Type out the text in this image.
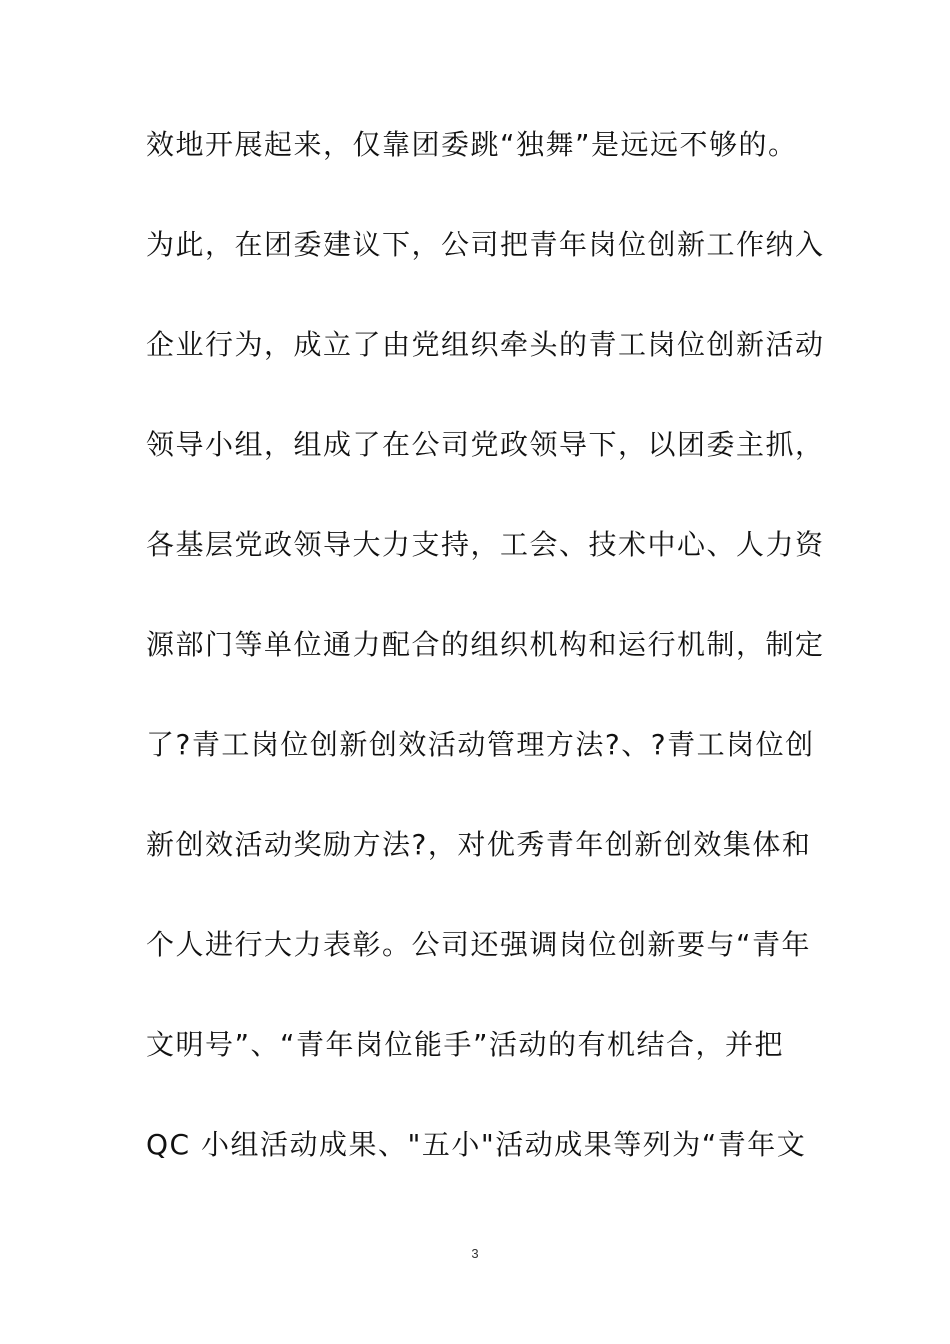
效地开展起来，仅靠团委跳“独舞”是远远不够的。
为此，在团委建议下，公司把青年岗位创新工作纳入
企业行为，成立了由党组织牵头的青工岗位创新活动
领导小组，组成了在公司党政领导下，以团委主抓，
各基层党政领导大力支持，工会、技术中心、人力资
源部门等单位通力配合的组织机构和运行机制，制定
了?青工岗位创新创效活动管理方法?、?青工岗位创
新创效活动奖励方法?，对优秀青年创新创效集体和
个人进行大力表彰。公司还强调岗位创新要与“青年
文明号”、“青年岗位能手”活动的有机结合，并把
QC 小组活动成果、"五小"活动成果等列为“青年文
3
